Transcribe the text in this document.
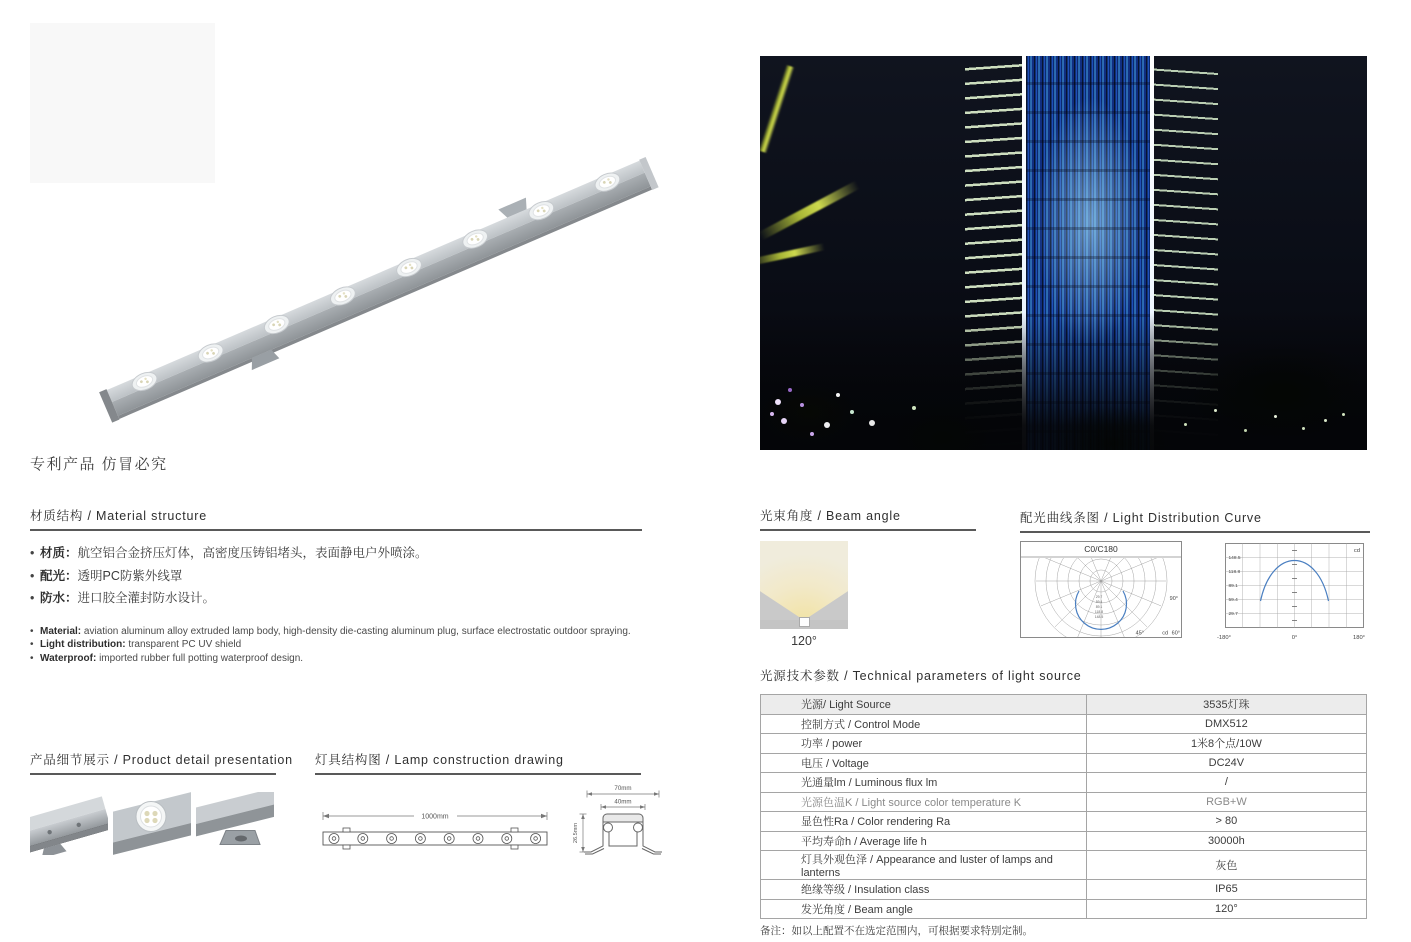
专利产品 仿冒必究
材质结构 / Material structure
• 材质：航空铝合金挤压灯体，高密度压铸铝堵头，表面静电户外喷涂。
• 配光：透明PC防紫外线罩
• 防水：进口胶全灌封防水设计。
• Material: aviation aluminum alloy extruded lamp body, high-density die-casting aluminum plug, surface electrostatic outdoor spraying.
• Light distribution: transparent PC UV shield
• Waterproof: imported rubber full potting waterproof design.
光束角度 / Beam angle
120°
配光曲线条图 / Light Distribution Curve
C0/C180
29.7
59.4
89.1
118.8
148.5
90°
45°	cd 60°
148.5
118.8
89.1
59.4
29.7
cd
-180°	0°	180°
光源技术参数 / Technical parameters of light source
光源/ Light Source	3535灯珠
控制方式 / Control Mode	DMX512
功率 / power	1米8个点/10W
电压 / Voltage	DC24V
光通量lm / Luminous flux lm	/
光源色温K / Light source color temperature K	RGB+W
显色性Ra / Color rendering Ra	> 80
平均寿命h / Average life h	30000h
灯具外观色泽 / Appearance and luster of lamps and lanterns	灰色
绝缘等级 / Insulation class	IP65
发光角度 / Beam angle	120°
备注：如以上配置不在选定范围内，可根据要求特别定制。
产品细节展示 / Product detail presentation 灯具结构图 / Lamp construction drawing
1000mm
70mm
40mm
26.5mm
